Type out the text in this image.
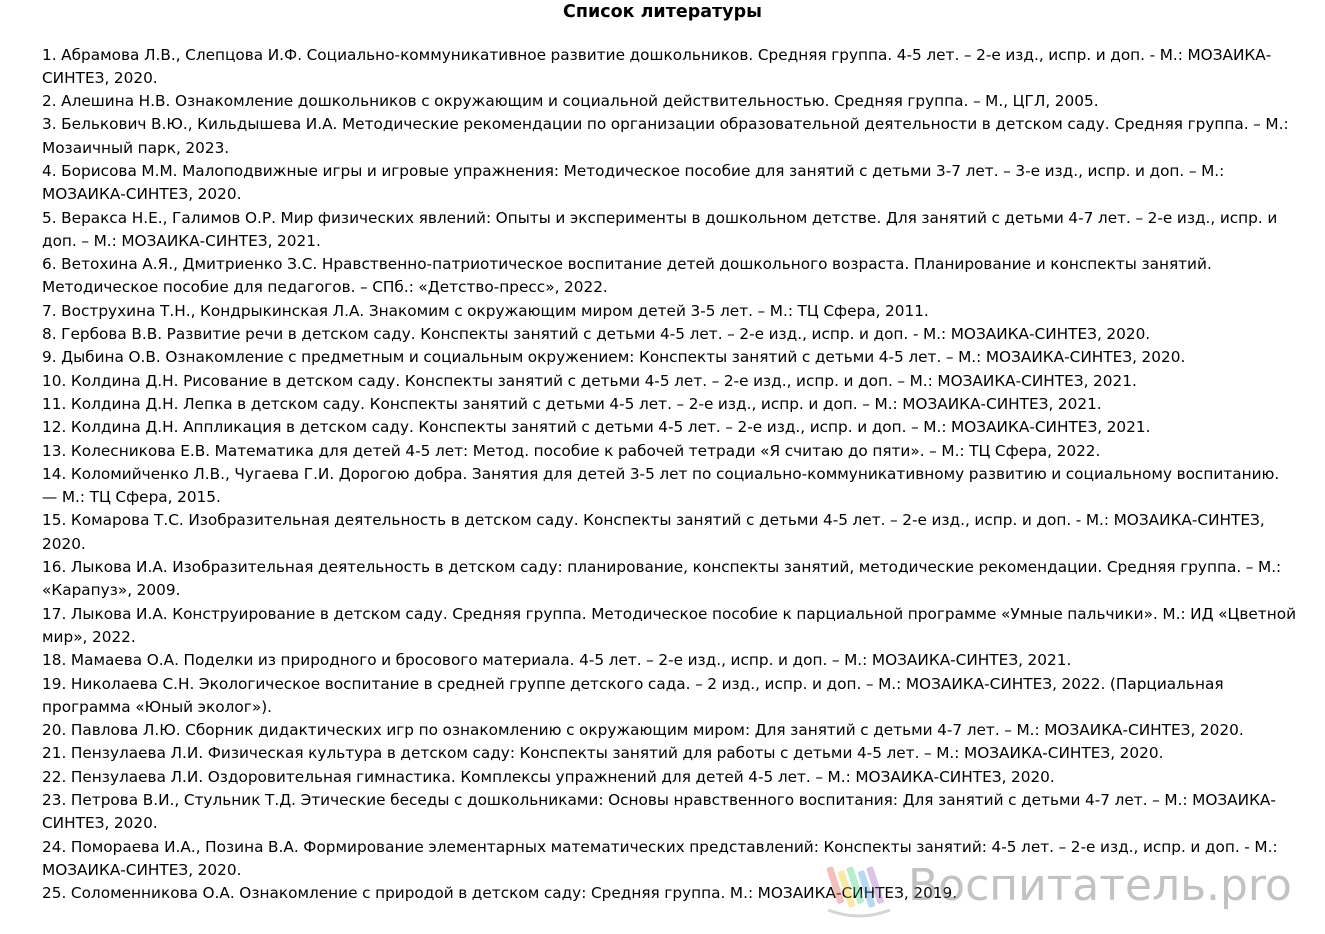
Список литературы
1. Абрамова Л.В., Слепцова И.Ф. Социально-коммуникативное развитие дошкольников. Средняя группа. 4-5 лет. – 2-е изд., испр. и доп. - М.: МОЗАИКА-СИНТЕЗ, 2020.
2. Алешина Н.В. Ознакомление дошкольников с окружающим и социальной действительностью. Средняя группа. – М., ЦГЛ, 2005.
3. Белькович В.Ю., Кильдышева И.А. Методические рекомендации по организации образовательной деятельности в детском саду. Средняя группа. – М.: Мозаичный парк, 2023.
4. Борисова М.М. Малоподвижные игры и игровые упражнения: Методическое пособие для занятий с детьми 3-7 лет. – 3-е изд., испр. и доп. – М.: МОЗАИКА-СИНТЕЗ, 2020.
5. Веракса Н.Е., Галимов О.Р. Мир физических явлений: Опыты и эксперименты в дошкольном детстве. Для занятий с детьми 4-7 лет. – 2-е изд., испр. и доп. – М.: МОЗАИКА-СИНТЕЗ, 2021.
6. Ветохина А.Я., Дмитриенко З.С. Нравственно-патриотическое воспитание детей дошкольного возраста. Планирование и конспекты занятий. Методическое пособие для педагогов. – СПб.: «Детство-пресс», 2022.
7. Вострухина Т.Н., Кондрыкинская Л.А. Знакомим с окружающим миром детей 3-5 лет. – М.: ТЦ Сфера, 2011.
8. Гербова В.В. Развитие речи в детском саду. Конспекты занятий с детьми 4-5 лет. – 2-е изд., испр. и доп. - М.: МОЗАИКА-СИНТЕЗ, 2020.
9. Дыбина О.В. Ознакомление с предметным и социальным окружением: Конспекты занятий с детьми 4-5 лет. – М.: МОЗАИКА-СИНТЕЗ, 2020.
10. Колдина Д.Н. Рисование в детском саду. Конспекты занятий с детьми 4-5 лет. – 2-е изд., испр. и доп. – М.: МОЗАИКА-СИНТЕЗ, 2021.
11. Колдина Д.Н. Лепка в детском саду. Конспекты занятий с детьми 4-5 лет. – 2-е изд., испр. и доп. – М.: МОЗАИКА-СИНТЕЗ, 2021.
12. Колдина Д.Н. Аппликация в детском саду. Конспекты занятий с детьми 4-5 лет. – 2-е изд., испр. и доп. – М.: МОЗАИКА-СИНТЕЗ, 2021.
13. Колесникова Е.В. Математика для детей 4-5 лет: Метод. пособие к рабочей тетради «Я считаю до пяти». – М.: ТЦ Сфера, 2022.
14. Коломийченко Л.В., Чугаева Г.И. Дорогою добра. Занятия для детей 3-5 лет по социально-коммуникативному развитию и социальному воспитанию. — М.: ТЦ Сфера, 2015.
15. Комарова Т.С. Изобразительная деятельность в детском саду. Конспекты занятий с детьми 4-5 лет. – 2-е изд., испр. и доп. - М.: МОЗАИКА-СИНТЕЗ, 2020.
16. Лыкова И.А. Изобразительная деятельность в детском саду: планирование, конспекты занятий, методические рекомендации. Средняя группа. – М.: «Карапуз», 2009.
17. Лыкова И.А. Конструирование в детском саду. Средняя группа. Методическое пособие к парциальной программе «Умные пальчики». М.: ИД «Цветной мир», 2022.
18. Мамаева О.А. Поделки из природного и бросового материала. 4-5 лет. – 2-е изд., испр. и доп. – М.: МОЗАИКА-СИНТЕЗ, 2021.
19. Николаева С.Н. Экологическое воспитание в средней группе детского сада. – 2 изд., испр. и доп. – М.: МОЗАИКА-СИНТЕЗ, 2022. (Парциальная программа «Юный эколог»).
20. Павлова Л.Ю. Сборник дидактических игр по ознакомлению с окружающим миром: Для занятий с детьми 4-7 лет. – М.: МОЗАИКА-СИНТЕЗ, 2020.
21. Пензулаева Л.И. Физическая культура в детском саду: Конспекты занятий для работы с детьми 4-5 лет. – М.: МОЗАИКА-СИНТЕЗ, 2020.
22. Пензулаева Л.И. Оздоровительная гимнастика. Комплексы упражнений для детей 4-5 лет. – М.: МОЗАИКА-СИНТЕЗ, 2020.
23. Петрова В.И., Стульник Т.Д. Этические беседы с дошкольниками: Основы нравственного воспитания: Для занятий с детьми 4-7 лет. – М.: МОЗАИКА-СИНТЕЗ, 2020.
24. Помораева И.А., Позина В.А. Формирование элементарных математических представлений: Конспекты занятий: 4-5 лет. – 2-е изд., испр. и доп. - М.: МОЗАИКА-СИНТЕЗ, 2020.
25. Соломенникова О.А. Ознакомление с природой в детском саду: Средняя группа. М.: МОЗАИКА-СИНТЕЗ, 2019.
Воспитатель.pro
